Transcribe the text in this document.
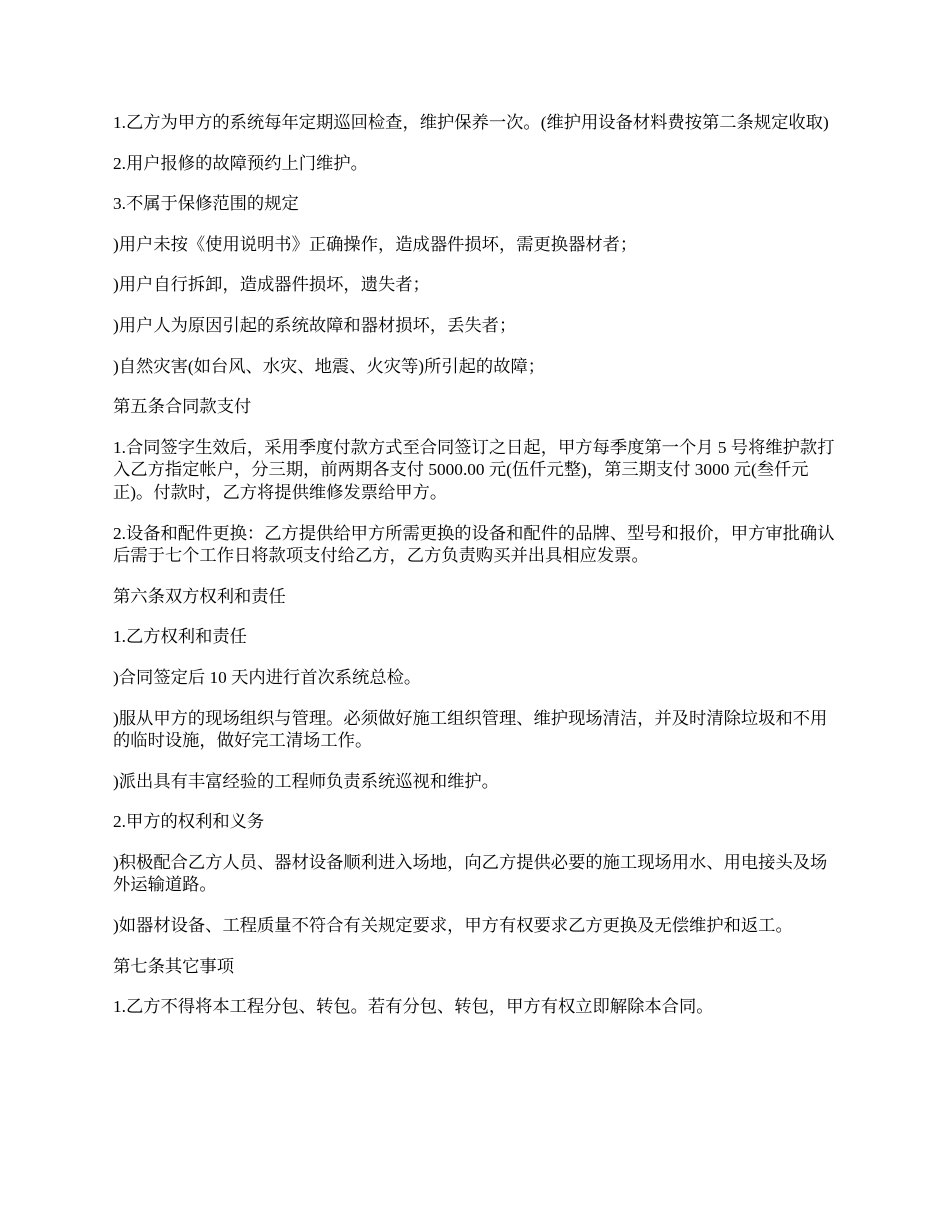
1.乙方为甲方的系统每年定期巡回检查，维护保养一次。(维护用设备材料费按第二条规定收取)

2.用户报修的故障预约上门维护。

3.不属于保修范围的规定

)用户未按《使用说明书》正确操作，造成器件损坏，需更换器材者；

)用户自行拆卸，造成器件损坏，遗失者；

)用户人为原因引起的系统故障和器材损坏，丢失者；

)自然灾害(如台风、水灾、地震、火灾等)所引起的故障；

第五条合同款支付

1.合同签字生效后，采用季度付款方式至合同签订之日起，甲方每季度第一个月 5 号将维护款打入乙方指定帐户，分三期，前两期各支付 5000.00 元(伍仟元整)，第三期支付 3000 元(叁仟元正)。付款时，乙方将提供维修发票给甲方。

2.设备和配件更换：乙方提供给甲方所需更换的设备和配件的品牌、型号和报价，甲方审批确认后需于七个工作日将款项支付给乙方，乙方负责购买并出具相应发票。

第六条双方权利和责任

1.乙方权利和责任

)合同签定后 10 天内进行首次系统总检。

)服从甲方的现场组织与管理。必须做好施工组织管理、维护现场清洁，并及时清除垃圾和不用的临时设施，做好完工清场工作。

)派出具有丰富经验的工程师负责系统巡视和维护。

2.甲方的权利和义务

)积极配合乙方人员、器材设备顺利进入场地，向乙方提供必要的施工现场用水、用电接头及场外运输道路。

)如器材设备、工程质量不符合有关规定要求，甲方有权要求乙方更换及无偿维护和返工。

第七条其它事项

1.乙方不得将本工程分包、转包。若有分包、转包，甲方有权立即解除本合同。
